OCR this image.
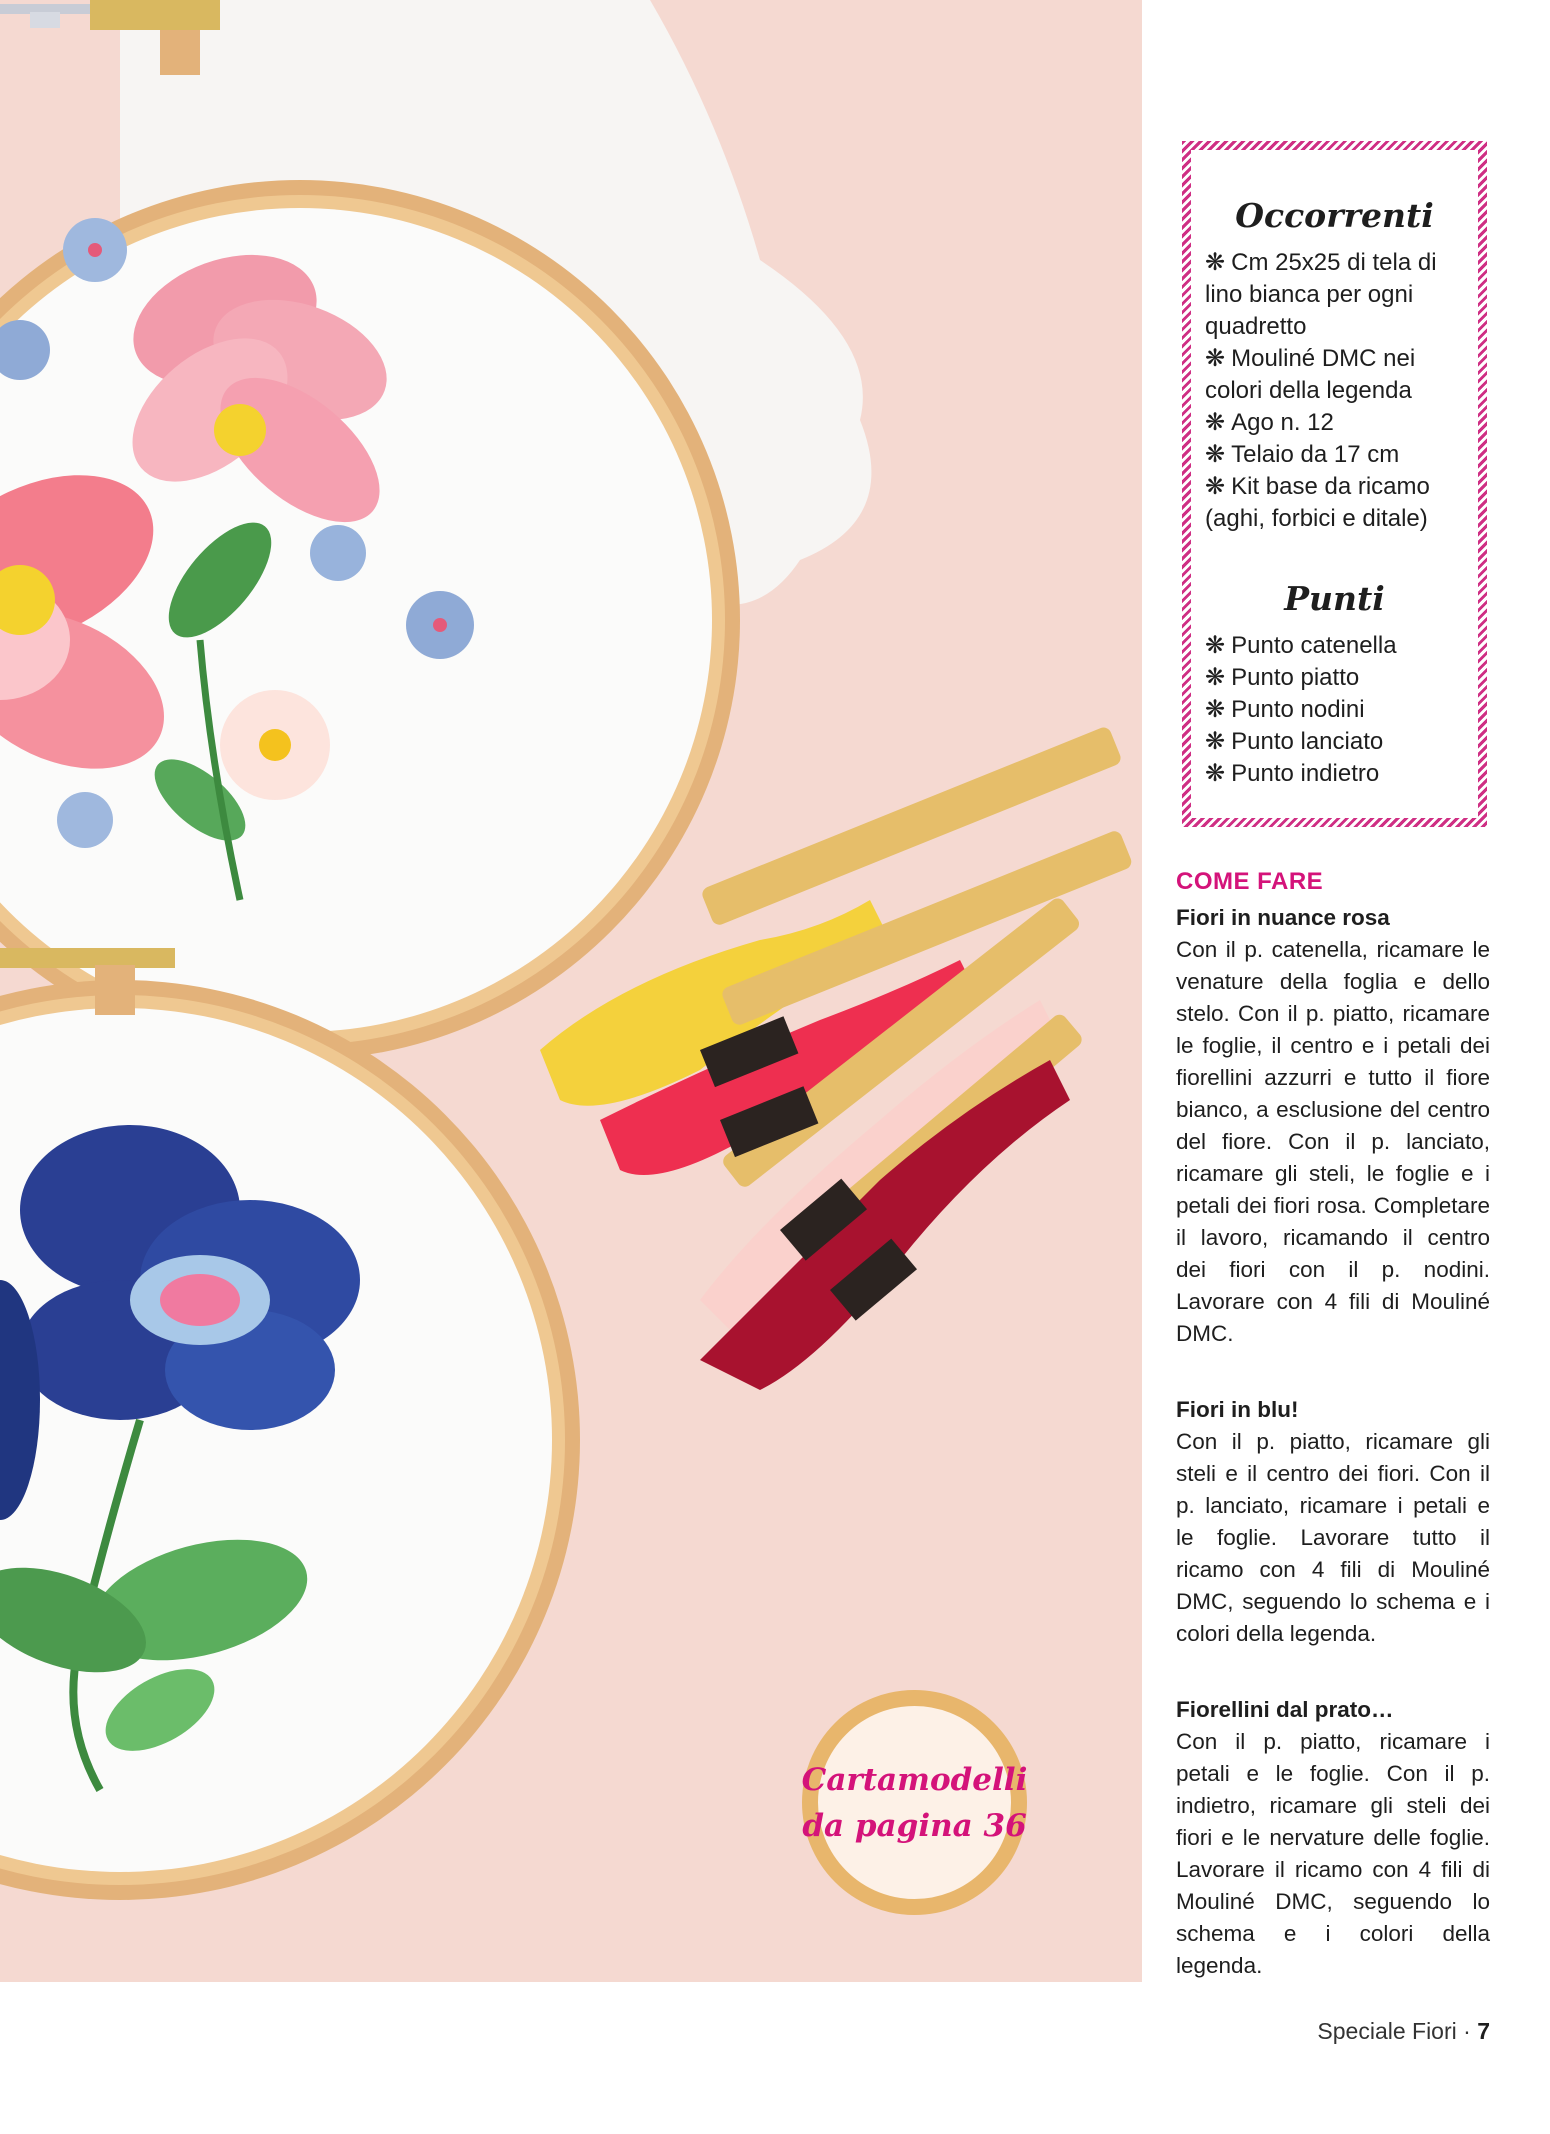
Cartamodelli
da pagina 36
Occorrenti
❋ Cm 25x25 di tela di lino bianca per ogni quadretto
❋ Mouliné DMC nei colori della legenda
❋ Ago n. 12
❋ Telaio da 17 cm
❋ Kit base da ricamo (aghi, forbici e ditale)
Punti
❋ Punto catenella
❋ Punto piatto
❋ Punto nodini
❋ Punto lanciato
❋ Punto indietro
COME FARE
Fiori in nuance rosa

Con il p. catenella, ricamare le venature della foglia e dello stelo. Con il p. piatto, ricamare le foglie, il centro e i petali dei fiorellini azzurri e tutto il fiore bianco, a esclusione del centro del fiore. Con il p. lanciato, ricamare gli steli, le foglie e i petali dei fiori rosa. Completare il lavoro, ricamando il centro dei fiori con il p. nodini. Lavorare con 4 fili di Mouliné DMC.

Fiori in blu!

Con il p. piatto, ricamare gli steli e il centro dei fiori. Con il p. lanciato, ricamare i petali e le foglie. Lavorare tutto il ricamo con 4 fili di Mouliné DMC, seguendo lo schema e i colori della legenda.

Fiorellini dal prato…

Con il p. piatto, ricamare i petali e le foglie. Con il p. indietro, ricamare gli steli dei fiori e le nervature delle foglie. Lavorare il ricamo con 4 fili di Mouliné DMC, seguendo lo schema e i colori della legenda.

Speciale Fiori · 7
